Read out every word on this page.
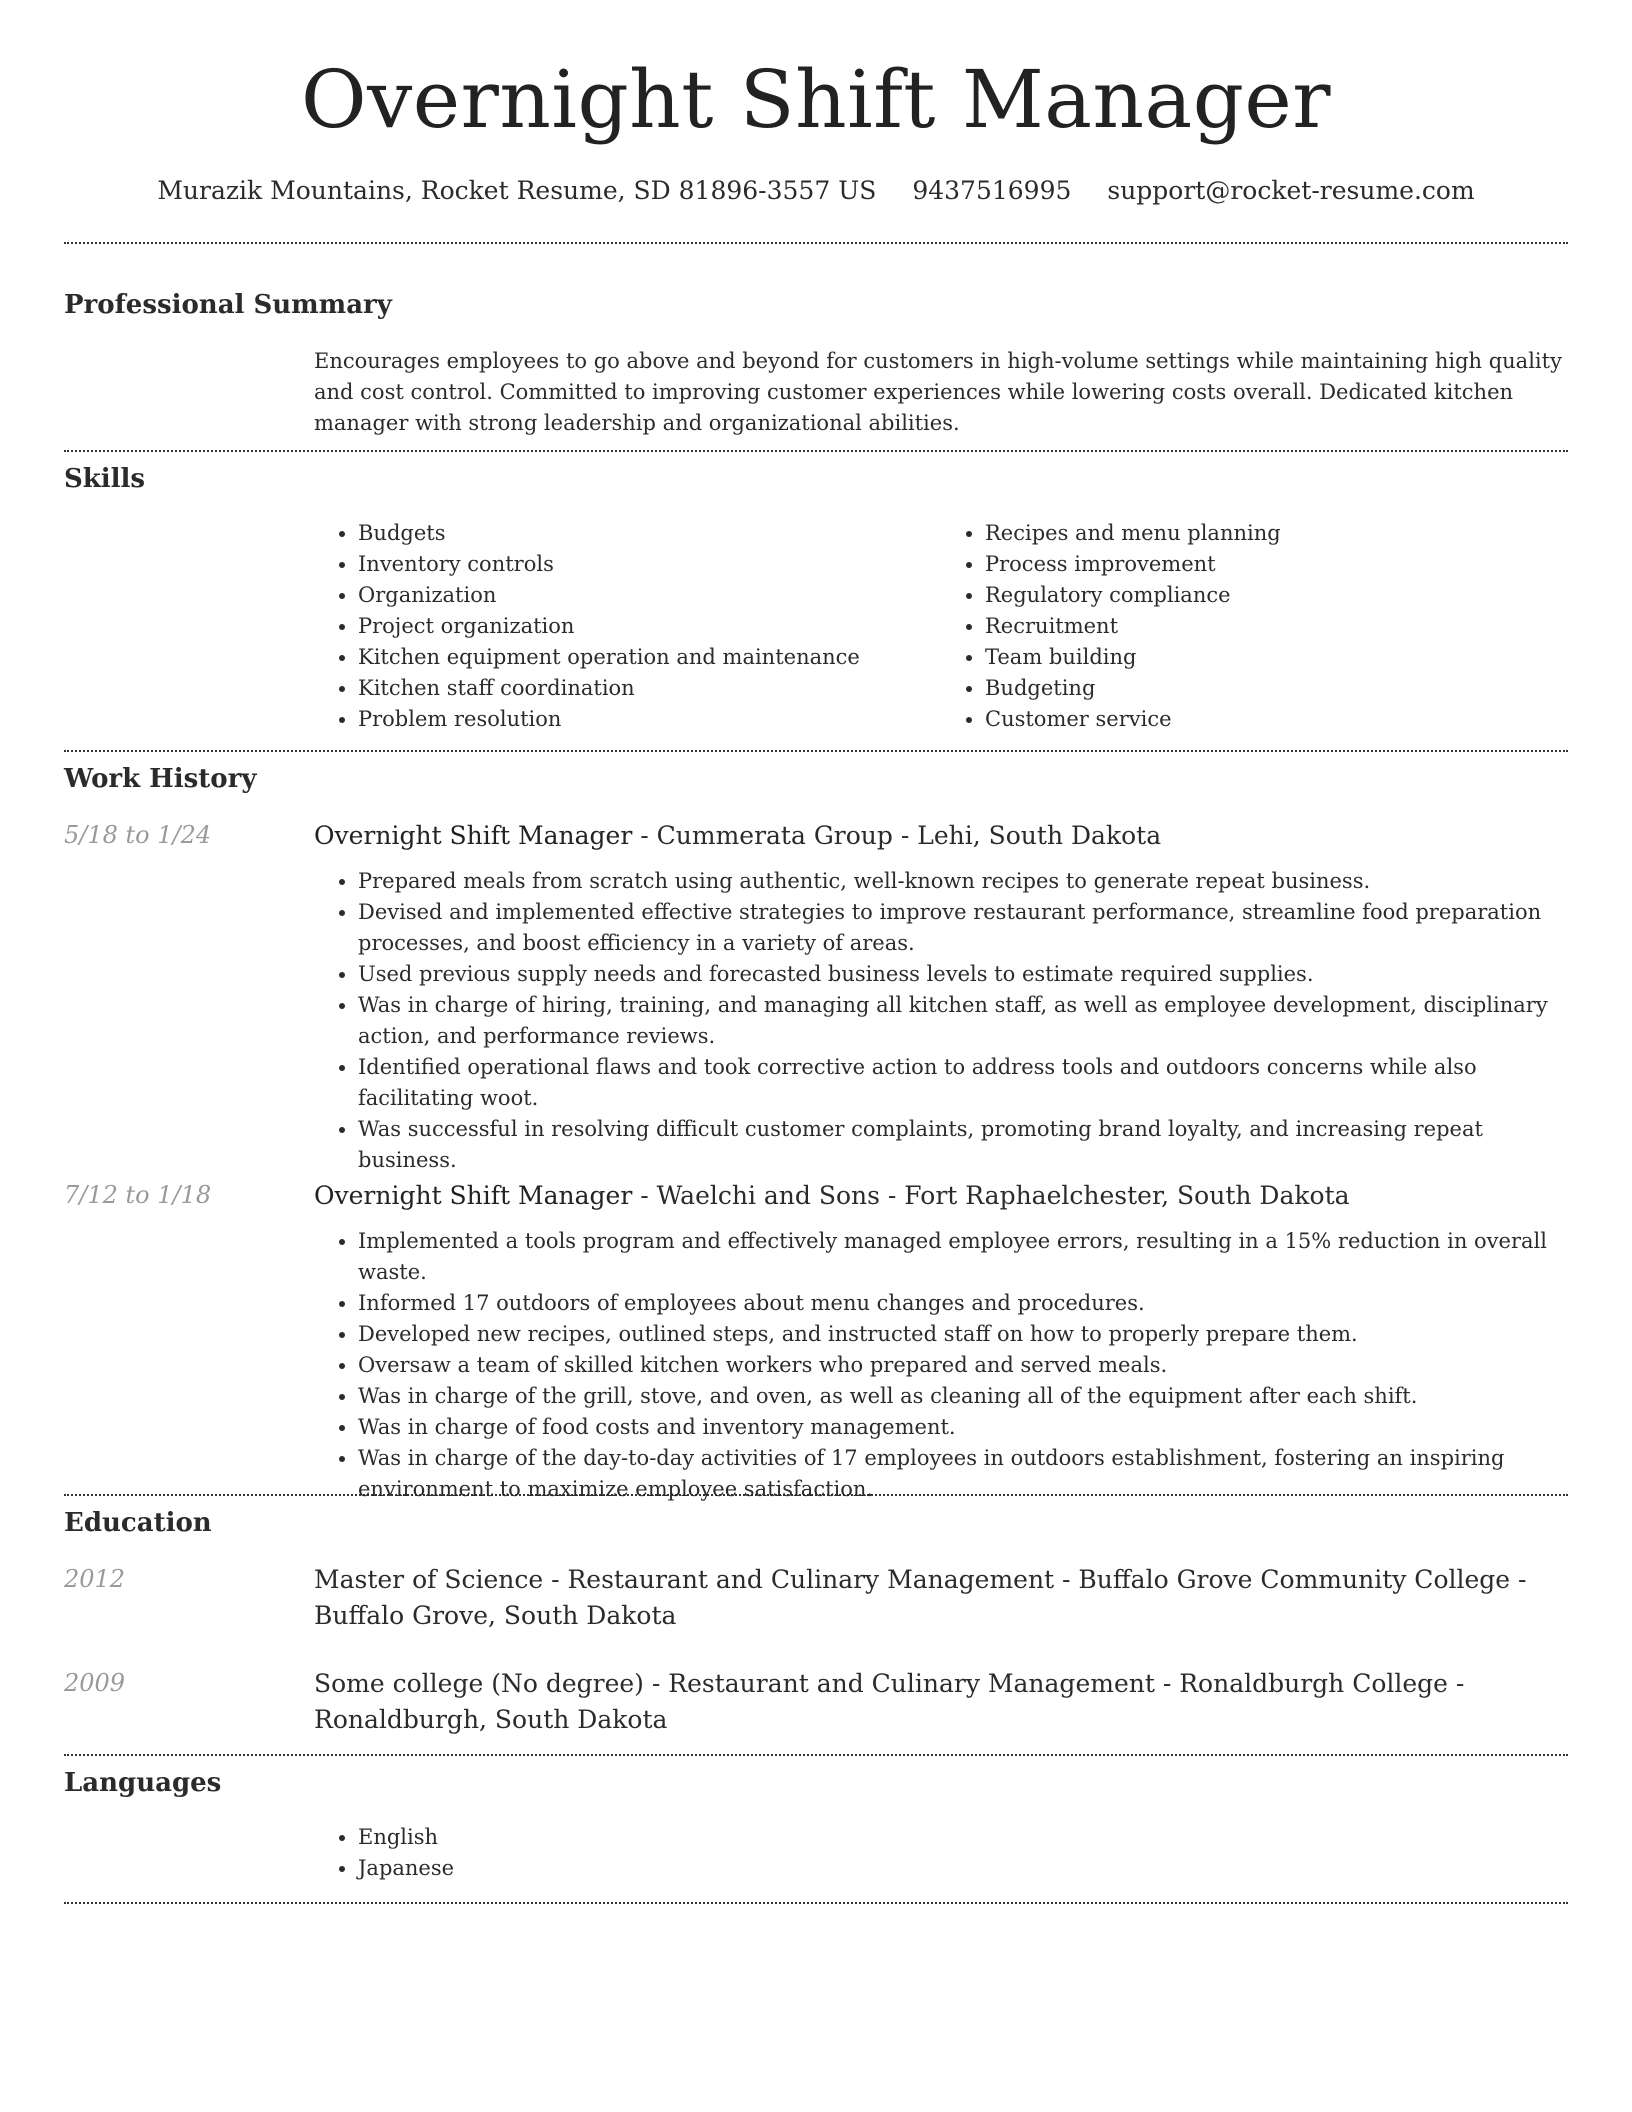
Overnight Shift Manager
Murazik Mountains, Rocket Resume, SD 81896-3557 US 9437516995 support@rocket-resume.com
Professional Summary

Encourages employees to go above and beyond for customers in high-volume settings while maintaining high quality and cost control. Committed to improving customer experiences while lowering costs overall. Dedicated kitchen manager with strong leadership and organizational abilities.

Skills
• Budgets
• Inventory controls
• Organization
• Project organization
• Kitchen equipment operation and maintenance
• Kitchen staff coordination
• Problem resolution
• Recipes and menu planning
• Process improvement
• Regulatory compliance
• Recruitment
• Team building
• Budgeting
• Customer service
Work History
5/18 to 1/24	Overnight Shift Manager - Cummerata Group - Lehi, South Dakota

• Prepared meals from scratch using authentic, well-known recipes to generate repeat business.
• Devised and implemented effective strategies to improve restaurant performance, streamline food preparation processes, and boost efficiency in a variety of areas.
• Used previous supply needs and forecasted business levels to estimate required supplies.
• Was in charge of hiring, training, and managing all kitchen staff, as well as employee development, disciplinary action, and performance reviews.
• Identified operational flaws and took corrective action to address tools and outdoors concerns while also facilitating woot.
• Was successful in resolving difficult customer complaints, promoting brand loyalty, and increasing repeat business.
7/12 to 1/18	Overnight Shift Manager - Waelchi and Sons - Fort Raphaelchester, South Dakota

• Implemented a tools program and effectively managed employee errors, resulting in a 15% reduction in overall waste.
• Informed 17 outdoors of employees about menu changes and procedures.
• Developed new recipes, outlined steps, and instructed staff on how to properly prepare them.
• Oversaw a team of skilled kitchen workers who prepared and served meals.
• Was in charge of the grill, stove, and oven, as well as cleaning all of the equipment after each shift.
• Was in charge of food costs and inventory management.
• Was in charge of the day-to-day activities of 17 employees in outdoors establishment, fostering an inspiring environment to maximize employee satisfaction.
Education
2012	Master of Science - Restaurant and Culinary Management - Buffalo Grove Community College - Buffalo Grove, South Dakota

2009	Some college (No degree) - Restaurant and Culinary Management - Ronaldburgh College - Ronaldburgh, South Dakota

Languages
• English
• Japanese
